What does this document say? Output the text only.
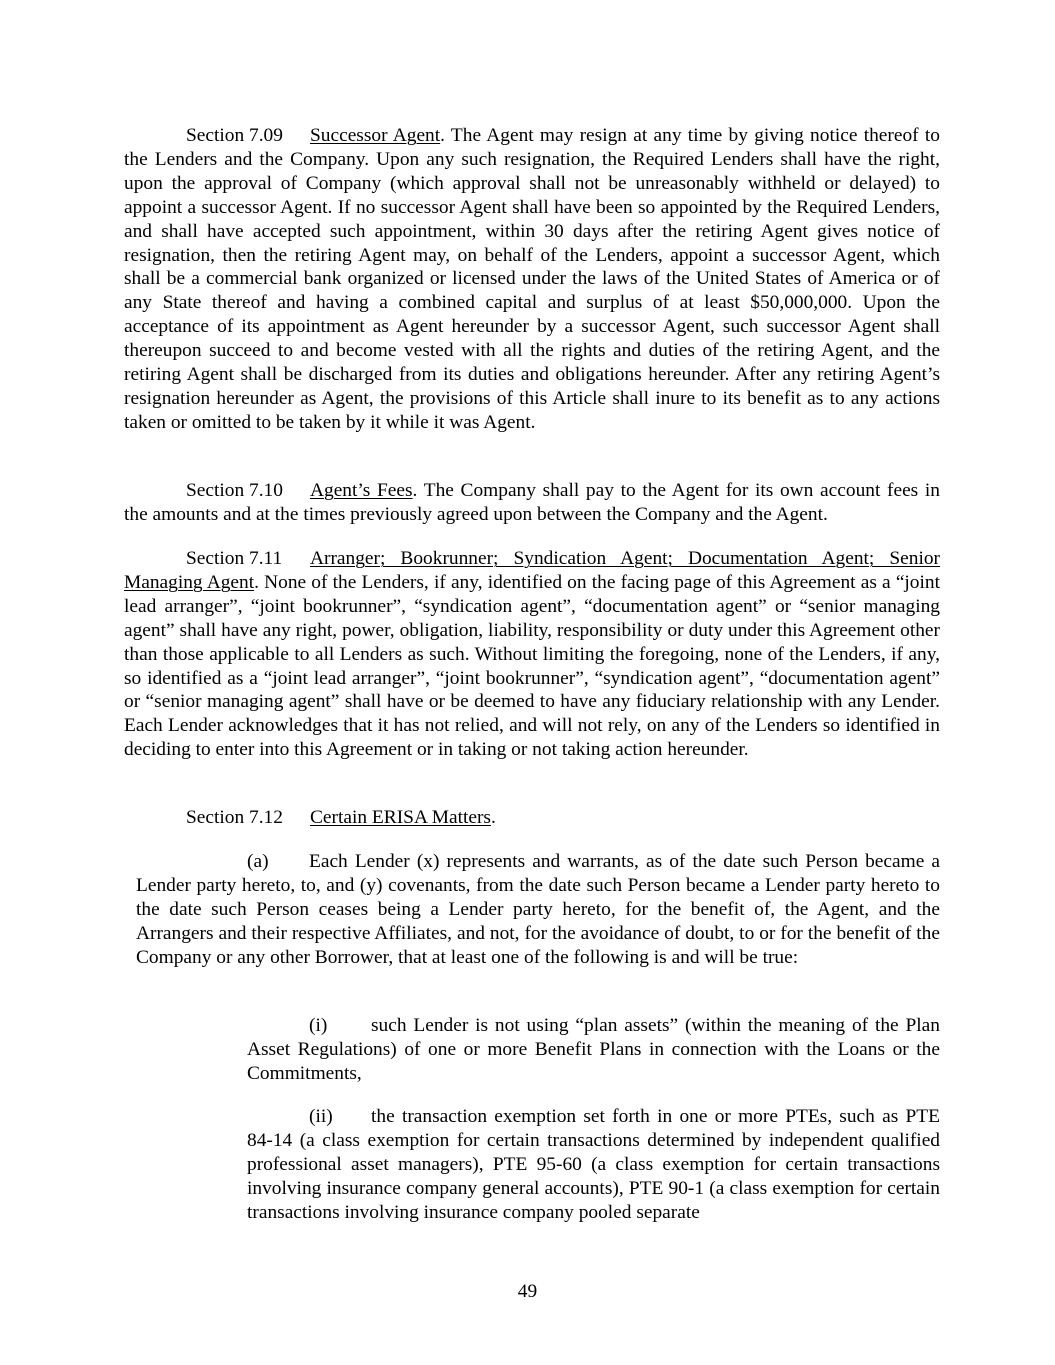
Section 7.09 Successor Agent. The Agent may resign at any time by giving notice thereof to the Lenders and the Company. Upon any such resignation, the Required Lenders shall have the right, upon the approval of Company (which approval shall not be unreasonably withheld or delayed) to appoint a successor Agent. If no successor Agent shall have been so appointed by the Required Lenders, and shall have accepted such appointment, within 30 days after the retiring Agent gives notice of resignation, then the retiring Agent may, on behalf of the Lenders, appoint a successor Agent, which shall be a commercial bank organized or licensed under the laws of the United States of America or of any State thereof and having a combined capital and surplus of at least $50,000,000. Upon the acceptance of its appointment as Agent hereunder by a successor Agent, such successor Agent shall thereupon succeed to and become vested with all the rights and duties of the retiring Agent, and the retiring Agent shall be discharged from its duties and obligations hereunder. After any retiring Agent’s resignation hereunder as Agent, the provisions of this Article shall inure to its benefit as to any actions taken or omitted to be taken by it while it was Agent.

Section 7.10 Agent’s Fees. The Company shall pay to the Agent for its own account fees in the amounts and at the times previously agreed upon between the Company and the Agent.

Section 7.11 Arranger; Bookrunner; Syndication Agent; Documentation Agent; Senior Managing Agent. None of the Lenders, if any, identified on the facing page of this Agreement as a “joint lead arranger”, “joint bookrunner”, “syndication agent”, “documentation agent” or “senior managing agent” shall have any right, power, obligation, liability, responsibility or duty under this Agreement other than those applicable to all Lenders as such. Without limiting the foregoing, none of the Lenders, if any, so identified as a “joint lead arranger”, “joint bookrunner”, “syndication agent”, “documentation agent” or “senior managing agent” shall have or be deemed to have any fiduciary relationship with any Lender. Each Lender acknowledges that it has not relied, and will not rely, on any of the Lenders so identified in deciding to enter into this Agreement or in taking or not taking action hereunder.

Section 7.12 Certain ERISA Matters.

(a) Each Lender (x) represents and warrants, as of the date such Person became a Lender party hereto, to, and (y) covenants, from the date such Person became a Lender party hereto to the date such Person ceases being a Lender party hereto, for the benefit of, the Agent, and the Arrangers and their respective Affiliates, and not, for the avoidance of doubt, to or for the benefit of the Company or any other Borrower, that at least one of the following is and will be true:

(i) such Lender is not using “plan assets” (within the meaning of the Plan Asset Regulations) of one or more Benefit Plans in connection with the Loans or the Commitments,

(ii) the transaction exemption set forth in one or more PTEs, such as PTE 84-14 (a class exemption for certain transactions determined by independent qualified professional asset managers), PTE 95-60 (a class exemption for certain transactions involving insurance company general accounts), PTE 90-1 (a class exemption for certain transactions involving insurance company pooled separate

49
